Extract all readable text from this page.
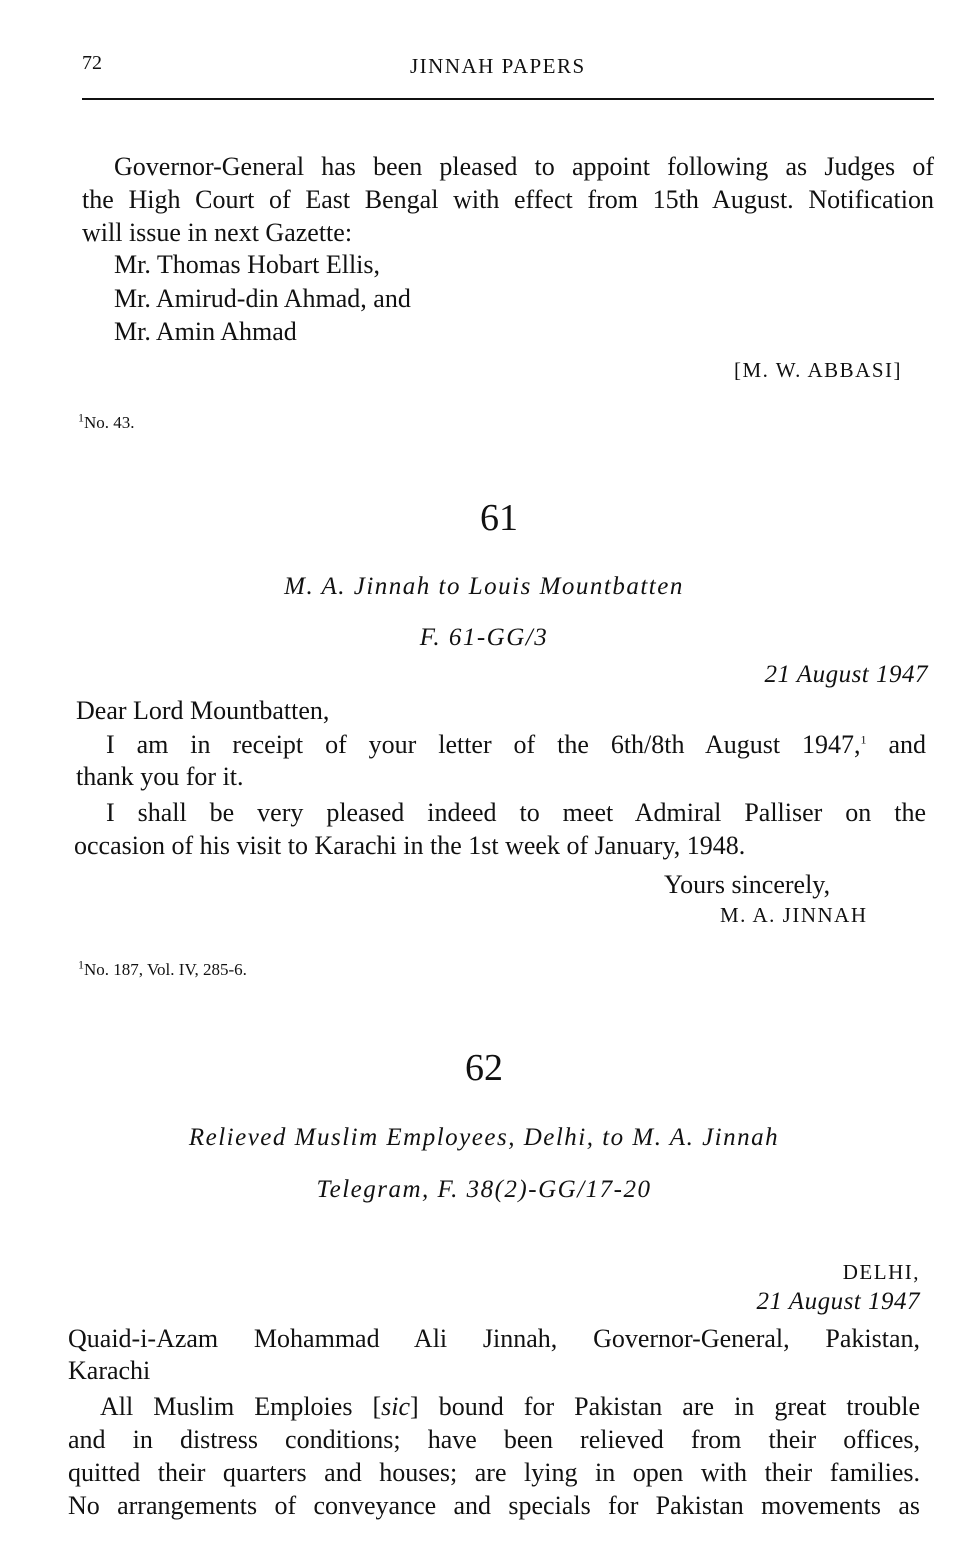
72	JINNAH PAPERS
Governor-General has been pleased to appoint following as Judges of
the High Court of East Bengal with effect from 15th August. Notification
will issue in next Gazette:
Mr. Thomas Hobart Ellis,
Mr. Amirud-din Ahmad, and
Mr. Amin Ahmad
[M. W. ABBASI]
$^1$No. 43.
61
M. A. Jinnah to Louis Mountbatten
F. 61-GG/3
21 August 1947
Dear Lord Mountbatten,
I am in receipt of your letter of the 6th/8th August 1947,$^1$ and
thank you for it.
I shall be very pleased indeed to meet Admiral Palliser on the
occasion of his visit to Karachi in the 1st week of January, 1948.
Yours sincerely,
M. A. JINNAH
$^1$No. 187, Vol. IV, 285-6.
62
Relieved Muslim Employees, Delhi, to M. A. Jinnah
Telegram, F. 38(2)-GG/17-20
DELHI,
21 August 1947
Quaid-i-Azam Mohammad Ali Jinnah, Governor-General, Pakistan,
Karachi
All Muslim Emploies [sic] bound for Pakistan are in great trouble
and in distress conditions; have been relieved from their offices,
quitted their quarters and houses; are lying in open with their families.
No arrangements of conveyance and specials for Pakistan movements as
